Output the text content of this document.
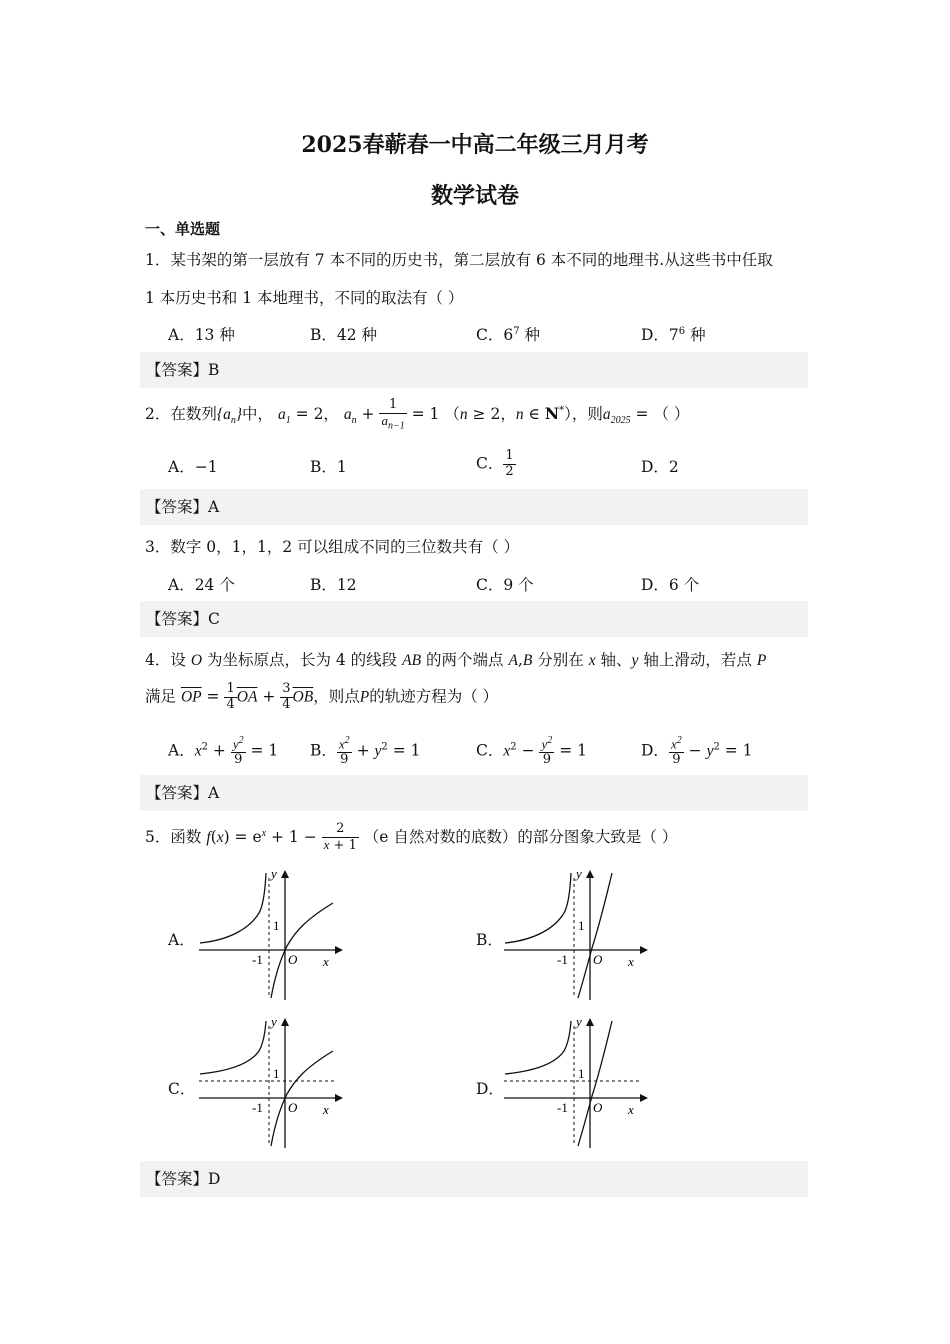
2025春蕲春一中高二年级三月月考
数学试卷
一、单选题
1．某书架的第一层放有 7 本不同的历史书，第二层放有 6 本不同的地理书.从这些书中任取
1 本历史书和 1 本地理书，不同的取法有（ ）
A．13 种	B．42 种	C．$6^7$ 种	D．$7^6$ 种
【答案】B
2．在数列$\{a_n\}$中， $a_1 = 2$， $a_n + \frac{1}{a_{n-1}} = 1$ （n ≥ 2，n ∈ N*），则$a_{2025}$ = （ ）
A．−1	B．1	C． $\frac{1}{2}$	D．2
【答案】A
3．数字 0，1，1，2 可以组成不同的三位数共有（ ）
A．24 个	B．12	C．9 个	D．6 个
【答案】C
4．设 O 为坐标原点，长为 4 的线段 AB 的两个端点 A,B 分别在 x 轴、y 轴上滑动，若点 P
满足 $\overline{OP} = \frac{1}{4} \overline{OA} + \frac{3}{4} \overline{OB}$，则点P的轨迹方程为（ ）
A．$x^2 + \frac{y^2}{9} = 1$ B． $\frac{x^2}{9} + y^2 = 1$	C．$x^2 - \frac{y^2}{9} = 1$	D． $\frac{x^2}{9} - y^2 = 1$
【答案】A
5．函数 $f(x) = e^x + 1 - \frac{2}{x + 1} (e$ 自然对数的底数）的部分图象大致是（ ）
A．
y
x
1
-1 O
B．
y
x
1
-1 O
C．
y
x
1
-1 O
D．
y
x
1
-1 O
【答案】D
